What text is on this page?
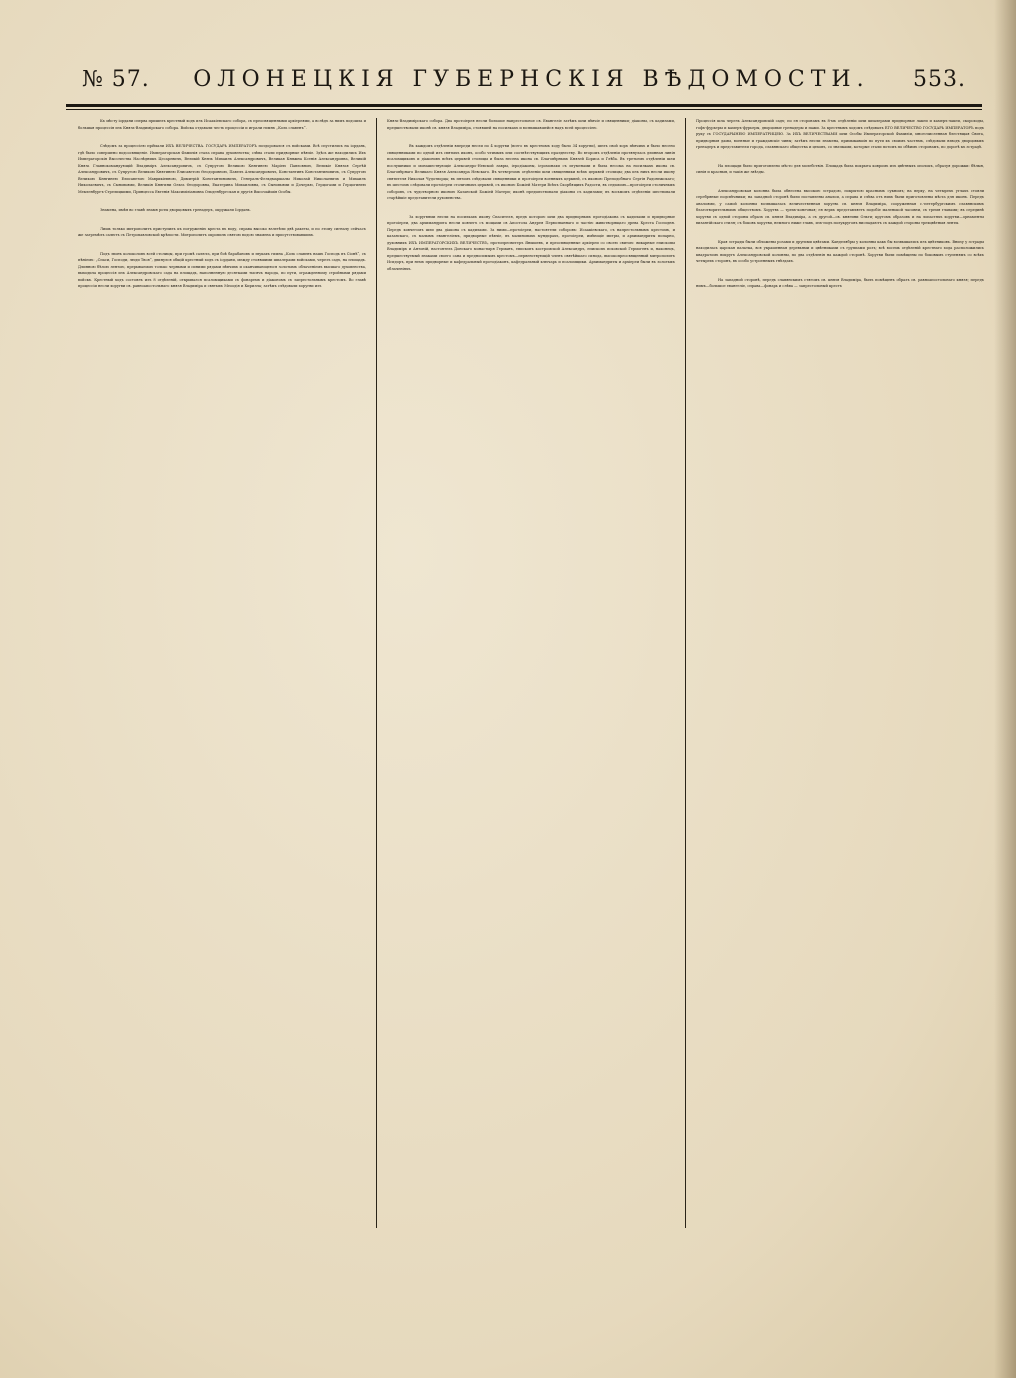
№ 57. ОЛОНЕЦКІЯ ГУБЕРНСКІЯ ВѢДОМОСТИ. 553.

Къ мѣсту іордани сперва пришелъ крестный ходъ изъ Исаакіевскаго собора, съ преосвященными архіереями, а вслѣдъ за нимъ подошла и большая процессія изъ Князь-Владимірскаго собора. Войска отдавали честь процессіи и играли гимнъ „Коль славенъ“.

Слѣдомъ за процессіею пріѣхали ИХЪ ВЕЛИЧЕСТВА. ГОСУДАРЬ ИМПЕРАТОРЪ поздоровался съ войсками. Всѣ спустились на іордань, гдѣ было совершено водоосвященіе. Императорская Фамилія стала справа духовенства; слѣва стали придворные пѣвчіе. Здѣсь же находились Ихъ Императорскія Высочества Наслѣдникъ Цесаревичъ, Великій Князь Михаилъ Александровичъ, Великая Княжна Ксенія Александровна, Великій Князь Главнокомандующій Владиміръ Александровичъ, съ Супругою Великою Княгинею Маріею Павловною, Великіе Князья Сергѣй Александровичъ, съ Супругою Великою Княгинею Елисаветою Ѳеодоровною, Павелъ Александровичъ, Константинъ Константиновичъ, съ Супругою Великою Княгинею Елисаветою Маврикіевною, Димитрій Константиновичъ, Генералъ-Фельдмаршалы Николай Николаевичъ и Михаилъ Николаевичъ, съ Сыновьями, Великія Княгини Ольга Ѳеодоровна, Екатерина Михаиловна, съ Сыновьями и Дочерью, Герцогами и Герцогинею Мекленбургъ-Стрелицкими, Принцесса Евгенія Максиміліановна Ольденбургская и другія Высочайшія Особы.

Знамена, имѣя во главѣ знамя роты дворцовыхъ гренадеръ, окружали Іордань.

Лишь только митрополитъ приступилъ къ погруженію креста въ воду, справа высоко взлетѣли двѣ ракеты, и по этому сигналу сейчасъ же загремѣлъ салютъ съ Петропавловской крѣпости. Митрополитъ окропилъ святою водою знамена и присутствовавшихъ.

Подъ звонъ колоколовъ всей столицы, при громѣ салюта, при боѣ барабановъ и звукахъ гимна „Коль славенъ нашъ Господь въ Сіонѣ“, съ пѣніемъ: „Спаси, Господи, люди Твоя“, двинулся общій крестный ходъ съ іордани, между стоявшими шпалерами войсками, черезъ садъ, на площадь. Длинною бѣлою лентою, прерываемою только черными и синими рядами пѣвчихъ и оканчивающеюся золотымъ облаченіемъ высшаго духовенства, выходила процессія изъ Александровскаго сада на площадь, наполненную десятками тысячъ народа, по пути, огражденному стройными рядами войскъ. Крестный ходъ состоялъ изъ 8 отдѣленій, открывался псаломщиками съ фонаремъ и діакономъ съ запрестольнымъ крестомъ. Во главѣ процессіи несли хоругви св. равноапостольнаго князя Владиміра и святыхъ Меѳодія и Кирилла; затѣмъ слѣдовали хоругви изъ

Князь-Владимірскаго собора. Два протоіерея несли большое напрестольное св. Евангеліе затѣмъ шли пѣвчіе и священники; діаконы, съ кадилами, предшествовали иконѣ св. князя Владиміра, стоявшей на посилкахъ и возвышавшейся надъ всей процессіею.

Въ каждомъ отдѣленіи впереди несли по 4 хоругви (всего въ крестномъ ходу было 34 хоругви), шелъ свой хоръ пѣвчихъ и было несено священниками по одной изъ святыхъ иконъ, особо чтимыхъ или соотвѣтствующихъ празднеству. Во второмъ отдѣленіи протянулась длинная линія псаломщиковъ и діаконовъ всѣхъ церквей столицы и была несена икона св. Благовѣрныхъ Князей Бориса и Глѣба. Въ третьемъ отдѣленіи шли послушники и монашествующіе Александро-Невской лавры, іеродіаконы, іеромонахи съ игуменами и была несома на носилкахъ икона св. Благовѣрнаго Великаго Князя Александра Невскаго. Въ четвертомъ отдѣленіи шли священники всѣхъ церквей столицы; два изъ нихъ несли икону святителя Николая Чудотворца; въ пятомъ слѣдовали священники и протоіереи военныхъ церквей, съ иконою Преподобнаго Сергія Радонежскаго; въ шестомъ слѣдовали протоіереи столичныхъ церквей, съ иконою Божіей Матери Всѣхъ Скорбящихъ Радости, въ седьмомъ—протоіереи столичныхъ соборовъ, съ чудотворною иконою Казанской Божіей Матери; иконѣ предшествовали діаконы съ кадилами; въ восьмомъ отдѣленіи шествовали старѣйшіе представители духовенства.

За хоругвями несли на посилкахъ икону Спасителя, предъ которою шли два придворныхъ протодіакона съ кадилами и придворные протоіереи, два архимандрита несли ковчегъ съ мощами св Апостола Андрея Первозваннаго и частію животворящаго древа Креста Господня. Передъ ковчегомъ шли два діакона съ кадилами. За ними—протоіереи, настоятели соборовъ: Исаакіевскаго, съ напрестольнымъ крестомъ, и казанскаго, съ малымъ евангеліемъ, придворные пѣвчіе, въ малиновыхъ мундирахъ, протоіереи, имѣющіе митры, и архимандриты попарно, духовникъ ИХЪ ИМПЕРАТОРСКИХЪ ВЕЛИЧЕСТВЪ, протопресвитеръ Янышевъ, и преосвященные архіереи со своею свитою: викарные епископы Владиміръ и Антоній, настоятель Донскаго монастыря Германъ, епископъ костромской Александръ, епископъ псковской Гермогенъ и, наконецъ, предшествуемый знаками своего сана и предносимымъ крестомъ—первенствующій членъ святѣйшаго синода, высокопреосвященный митрополитъ Исидоръ, при немъ придворные и кафедральный протодіаконъ, кафедральный ключарь и псаломщики. Архимандриты и архіереи были въ золотыхъ облаченіяхъ.

Процессія шла черезъ Александровскій садъ; по ея сторонамъ въ 8-мъ отдѣленіи шли шпалерами придворные лакеи и камеръ-лакеи, скороходы, гофъ-фурьеры и камеръ-фурьеры, дворцовые гренадеры и пажи. За крестнымъ ходомъ слѣдовалъ ЕГО ВЕЛИЧЕСТВО ГОСУДАРЬ ИМПЕРАТОРЪ подъ руку съ ГОСУДАРЫНЕЮ ИМПЕРАТРИЦЕЮ. За ИХЪ ВЕЛИЧЕСТВАМИ шли Особы Императорской Фамиліи, многочисленная блестящая Свита, придворныя дамы, военные и гражданскіе чины; затѣмъ несли знамена, примыкавшія по пути къ своимъ частямъ, слѣдовали взводъ дворцовыхъ гренадеръ и представители города, славянскаго общества и цеховъ, со значками, которые стали потомъ по обѣимъ сторонамъ, по дорогѣ къ эстрадѣ.

На площади было приготовлено мѣсто для молебствія. Площадь была покрыта ковромъ изъ цвѣтныхъ ополокъ, образуя дорожки: бѣлыя, синія и красныя, и такія же звѣзды.

Александровская колонна была обнесена высокою эстрадою, покрытою краснымъ сукномъ; на верху, на четырехъ углахъ стояли серебряные подсвѣчники; на западной сторонѣ были поставлены аналои, а справа и слѣва отъ нихъ были приготовлены мѣста для иконъ. Передъ аналоями, у самой колонны возвышалась величественная хоругвь св. князя Владиміра, сооруженная с.-петербургскимъ славянскимъ благотворительнымъ обществомъ. Хоругвь — трехъ-конечная; ея верхъ представляетъ подобіе маленькой часовни, съ тремя главами; въ серединѣ хоругви съ одной стороны образъ св. князя Владиміра, а съ другой—св. княгини Ольги; кругомъ образовъ и на лопастяхъ хоругви—орнаменты византійскаго стиля; съ боковъ хоругви, немного ниже главъ, изъ-подъ полукруговъ ниспадаютъ съ каждой стороны трехцвѣтныя ленты.

Края эстрады были обложены розами и другими цвѣтами. Канделябры у колонны какъ бы возвышались изъ цвѣтниковъ. Внизу у эстрады находилась царская палатка, вся украшенная деревьями и цвѣтниками съ группами розъ; всѣ восемь отдѣленій крестнаго хода расположились квадратомъ вокругъ Александровской колонны, по два отдѣленія на каждой сторонѣ. Хоругви были помѣщены по боковымъ ступенямъ со всѣхъ четырехъ сторонъ, въ особо устроенныхъ гнѣздахъ.

На западной сторонѣ, передъ славянскимъ стягомъ св. князя Владиміра, былъ помѣщенъ образъ св. равноапостольнаго князя; передъ нимъ—большое евангеліе, справа—фонарь и слѣва — запрестольный крестъ
